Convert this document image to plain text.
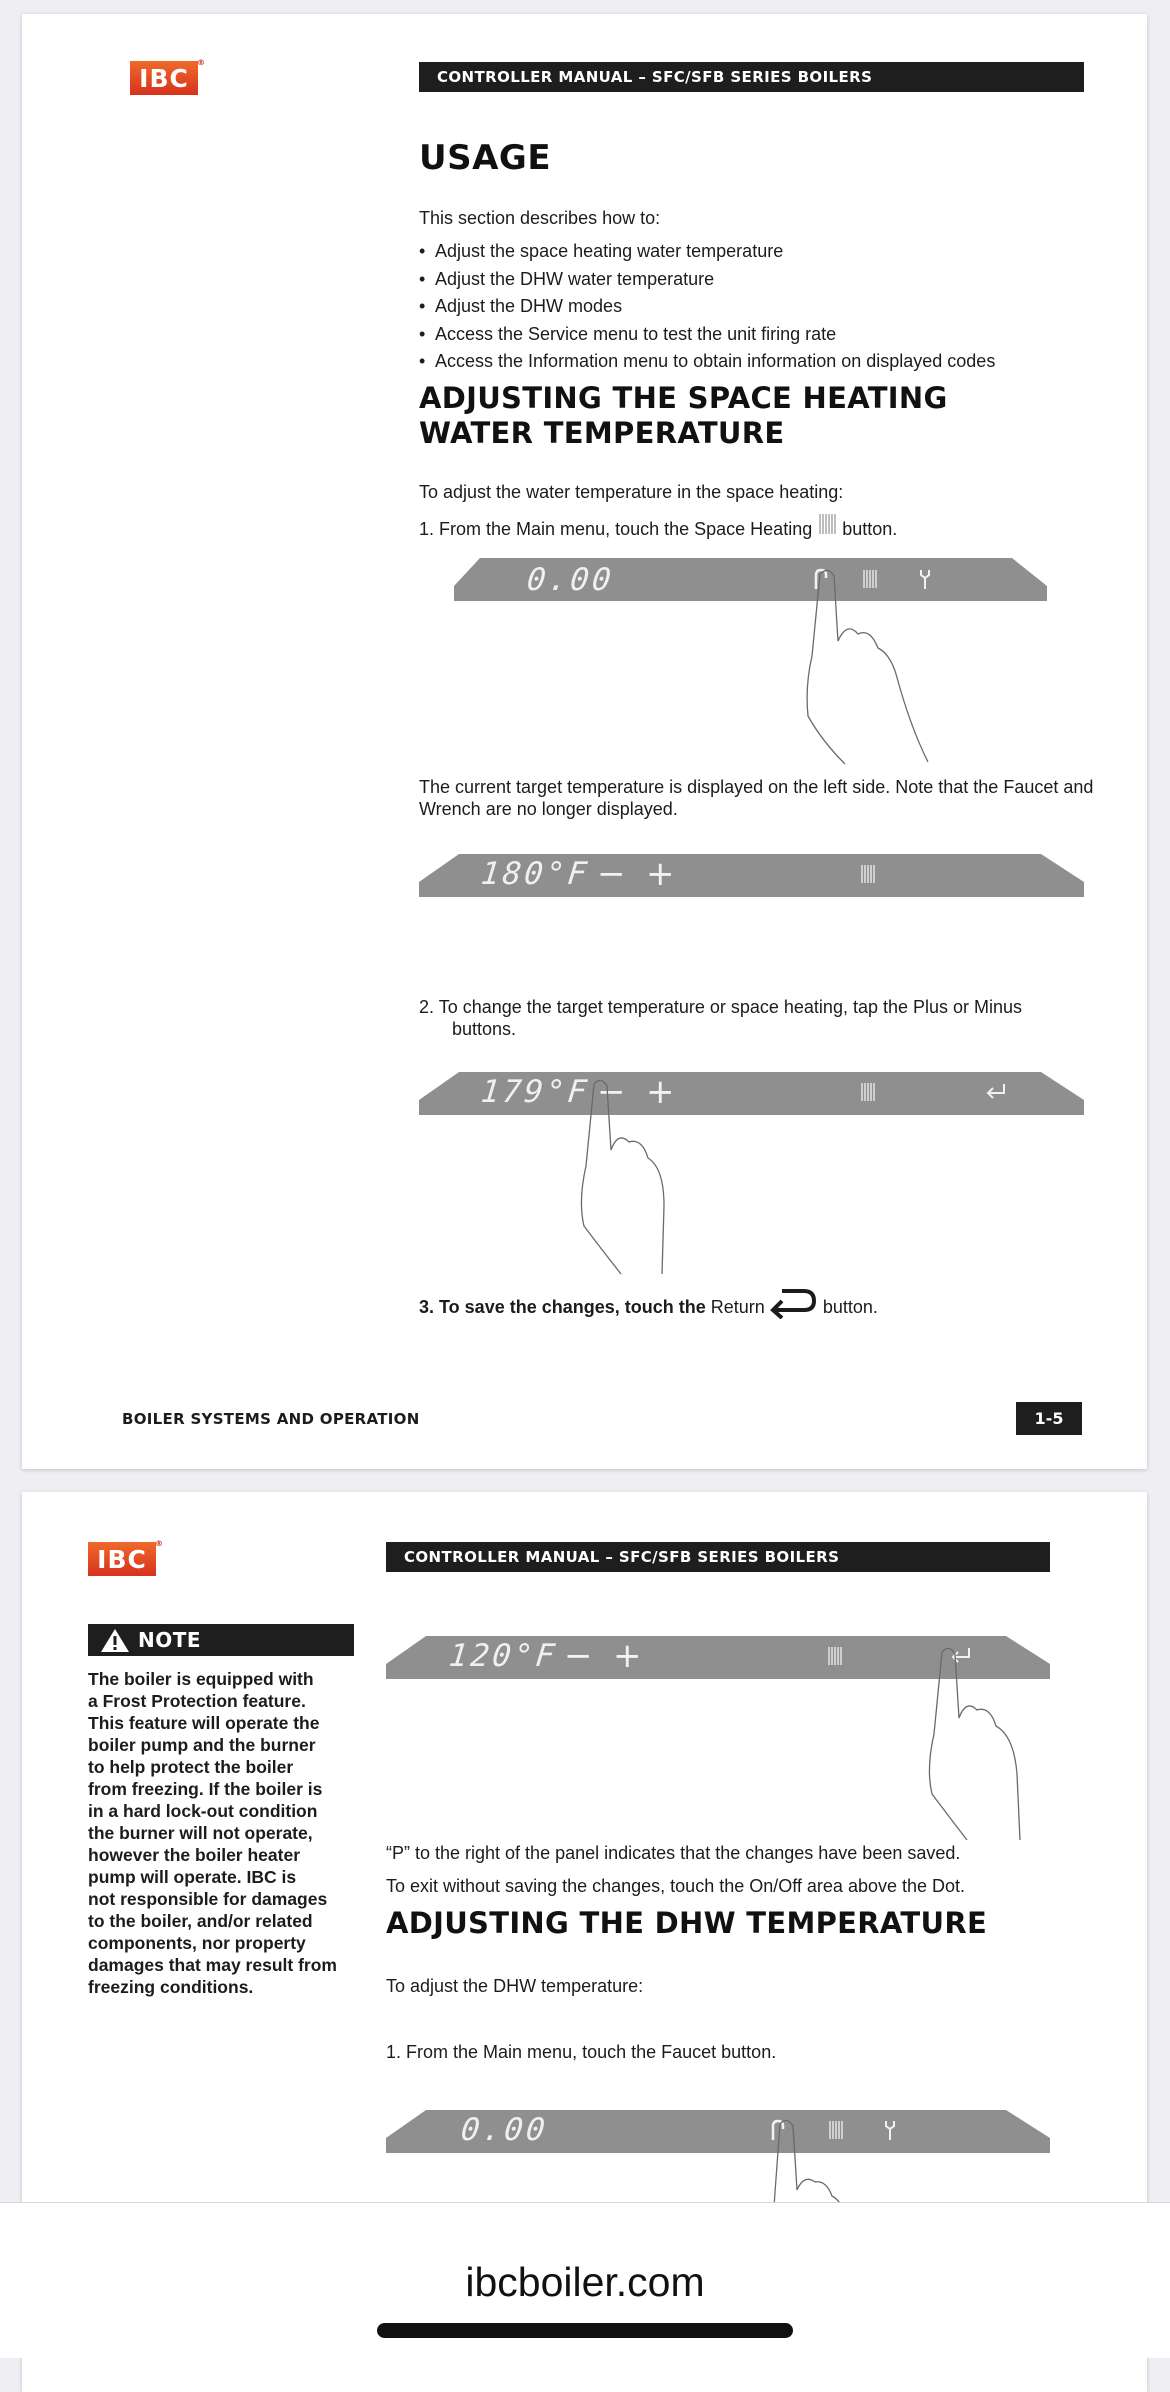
IBC
®
CONTROLLER MANUAL – SFC/SFB SERIES BOILERS
USAGE
This section describes how to:
• Adjust the space heating water temperature
• Adjust the DHW water temperature
• Adjust the DHW modes
• Access the Service menu to test the unit firing rate
• Access the Information menu to obtain information on displayed codes
ADJUSTING THE SPACE HEATING
WATER TEMPERATURE
To adjust the water temperature in the space heating:
1. From the Main menu, touch the Space Heating button.
0.00
The current target temperature is displayed on the left side. Note that the Faucet and Wrench are no longer displayed.
180°F − +
2. To change the target temperature or space heating, tap the Plus or Minus
buttons.
179°F − +
3. To save the changes, touch the Return	button.
BOILER SYSTEMS AND OPERATION	1-5
IBC
®
CONTROLLER MANUAL – SFC/SFB SERIES BOILERS
NOTE
The boiler is equipped with
a Frost Protection feature.
This feature will operate the
boiler pump and the burner
to help protect the boiler
from freezing. If the boiler is
in a hard lock-out condition
the burner will not operate,
however the boiler heater
pump will operate. IBC is
not responsible for damages
to the boiler, and/or related
components, nor property
damages that may result from
freezing conditions.
120°F − +
“P” to the right of the panel indicates that the changes have been saved.
To exit without saving the changes, touch the On/Off area above the Dot.
ADJUSTING THE DHW TEMPERATURE
To adjust the DHW temperature:
1. From the Main menu, touch the Faucet button.
0.00
ibcboiler.com
